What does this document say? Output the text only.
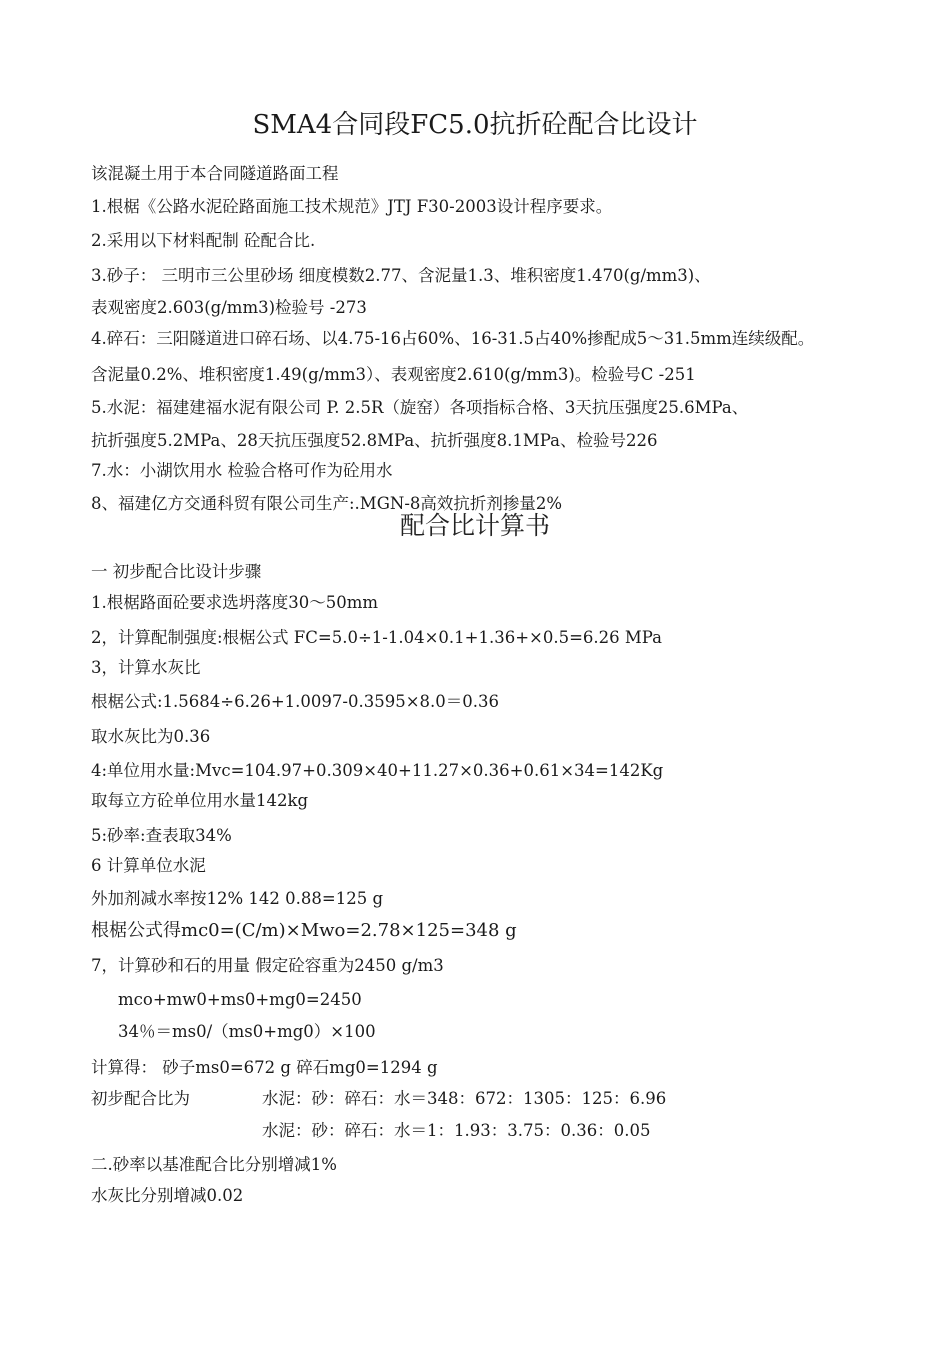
SMA4合同段FC5.0抗折砼配合比设计
该混凝土用于本合同隧道路面工程
1.根椐《公路水泥砼路面施工技术规范》JTJ F30-2003设计程序要求。
2.采用以下材料配制 砼配合比.
3.砂子： 三明市三公里砂场 细度模数2.77、含泥量1.3、堆积密度1.470(g/mm3)、
表观密度2.603(g/mm3)检验号 -273
4.碎石：三阳隧道进口碎石场、以4.75-16占60%、16-31.5占40%掺配成5～31.5mm连续级配。
含泥量0.2%、堆积密度1.49(g/mm3）、表观密度2.610(g/mm3)。检验号C -251
5.水泥：福建建福水泥有限公司 P. 2.5R（旋窑）各项指标合格、3天抗压强度25.6MPa、
抗折强度5.2MPa、28天抗压强度52.8MPa、抗折强度8.1MPa、检验号226
7.水：小湖饮用水 检验合格可作为砼用水
8、福建亿方交通科贸有限公司生产:.MGN-8高效抗折剂掺量2%
配合比计算书
一 初步配合比设计步骤
1.根椐路面砼要求选坍落度30～50mm
2，计算配制强度:根椐公式 FC=5.0÷1-1.04×0.1+1.36+×0.5=6.26 MPa
3，计算水灰比
根椐公式:1.5684÷6.26+1.0097-0.3595×8.0＝0.36
取水灰比为0.36
4:单位用水量:Mvc=104.97+0.309×40+11.27×0.36+0.61×34=142Kg
取每立方砼单位用水量142kg
5:砂率:查表取34%
6 计算单位水泥
外加剂减水率按12% 142 0.88=125 g
根椐公式得mc0=(C/m)×Mwo=2.78×125=348 g
7，计算砂和石的用量 假定砼容重为2450 g/m3
mco+mw0+ms0+mg0=2450
34％＝ms0/（ms0+mg0）×100
计算得： 砂子ms0=672 g 碎石mg0=1294 g
初步配合比为	水泥：砂：碎石：水＝348：672：1305：125：6.96
水泥：砂：碎石：水＝1：1.93：3.75：0.36：0.05
二.砂率以基准配合比分别增减1%
水灰比分别增减0.02
